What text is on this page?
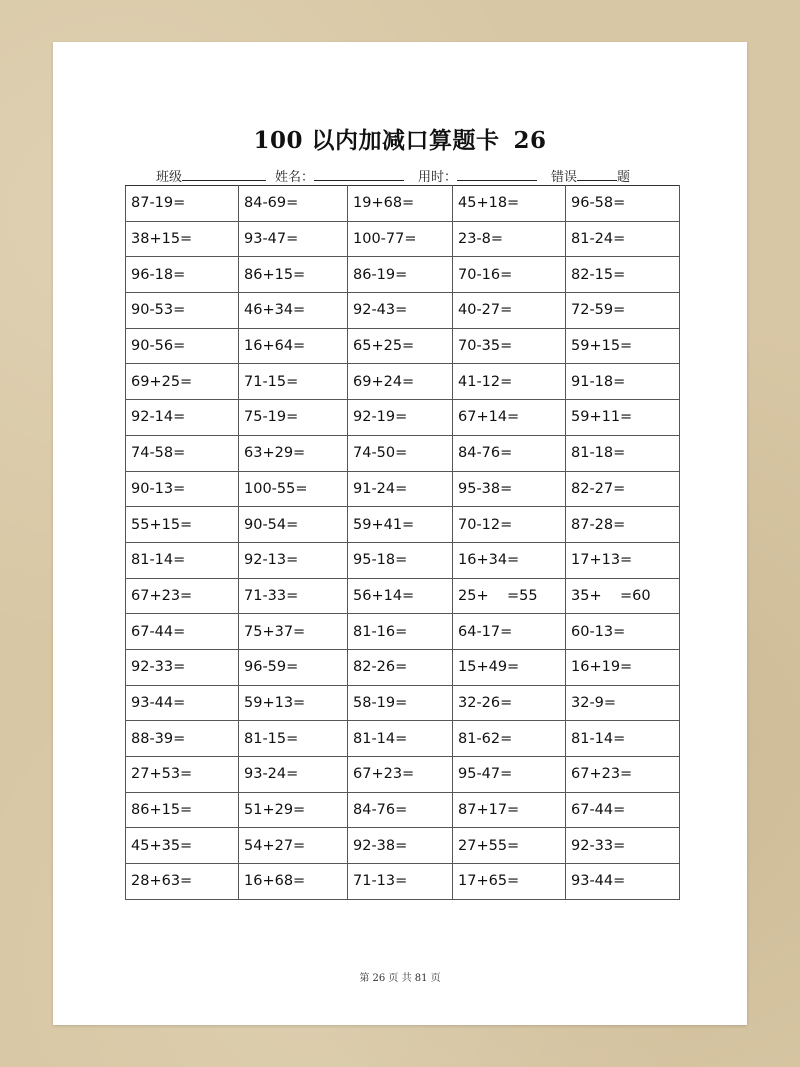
100 以内加减口算题卡 26
班级	姓名：	用时：	错误	题
87-19=	84-69=	19+68=	45+18=	96-58=
38+15=	93-47=	100-77=	23-8=	81-24=
96-18=	86+15=	86-19=	70-16=	82-15=
90-53=	46+34=	92-43=	40-27=	72-59=
90-56=	16+64=	65+25=	70-35=	59+15=
69+25=	71-15=	69+24=	41-12=	91-18=
92-14=	75-19=	92-19=	67+14=	59+11=
74-58=	63+29=	74-50=	84-76=	81-18=
90-13=	100-55=	91-24=	95-38=	82-27=
55+15=	90-54=	59+41=	70-12=	87-28=
81-14=	92-13=	95-18=	16+34=	17+13=
67+23=	71-33=	56+14=	25+    =55	35+    =60
67-44=	75+37=	81-16=	64-17=	60-13=
92-33=	96-59=	82-26=	15+49=	16+19=
93-44=	59+13=	58-19=	32-26=	32-9=
88-39=	81-15=	81-14=	81-62=	81-14=
27+53=	93-24=	67+23=	95-47=	67+23=
86+15=	51+29=	84-76=	87+17=	67-44=
45+35=	54+27=	92-38=	27+55=	92-33=
28+63=	16+68=	71-13=	17+65=	93-44=
第 26 页 共 81 页
